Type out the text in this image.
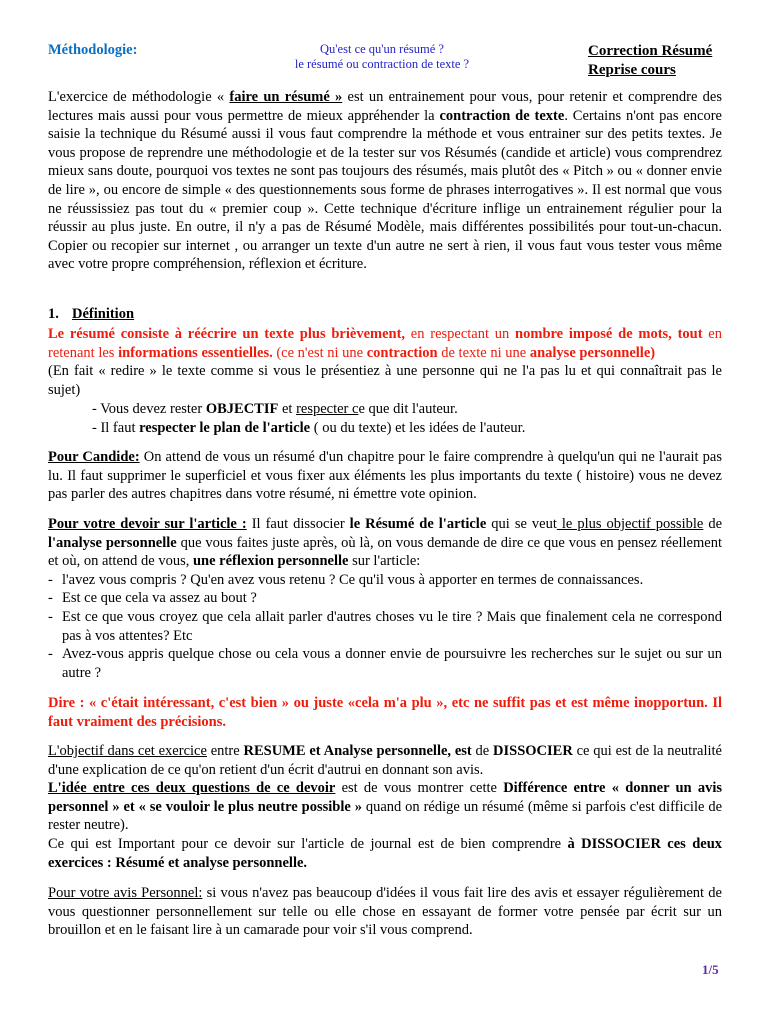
Méthodologie:	Qu'est ce qu'un résumé ?
le résumé ou contraction de texte ?
Correction Résumé
Reprise cours

L'exercice de méthodologie « faire un résumé » est un entrainement pour vous, pour retenir et comprendre des lectures mais aussi pour vous permettre de mieux appréhender la contraction de texte. Certains n'ont pas encore saisie la technique du Résumé aussi il vous faut comprendre la méthode et vous entrainer sur des petits textes. Je vous propose de reprendre une méthodologie et de la tester sur vos Résumés (candide et article) vous comprendrez mieux sans doute, pourquoi vos textes ne sont pas toujours des résumés, mais plutôt des « Pitch » ou « donner envie de lire », ou encore de simple « des questionnements sous forme de phrases interrogatives ». Il est normal que vous ne réussissiez pas tout du « premier coup ». Cette technique d'écriture inflige un entrainement régulier pour la réussir au plus juste. En outre, il n'y a pas de Résumé Modèle, mais différentes possibilités pour tout-un-chacun. Copier ou recopier sur internet , ou arranger un texte d'un autre ne sert à rien, il vous faut vous tester vous même avec votre propre compréhension, réflexion et écriture.

1. Définition

Le résumé consiste à réécrire un texte plus brièvement, en respectant un nombre imposé de mots, tout en retenant les informations essentielles. (ce n'est ni une contraction de texte ni une analyse personnelle)

(En fait « redire » le texte comme si vous le présentiez à une personne qui ne l'a pas lu et qui connaîtrait pas le sujet)

- Vous devez rester OBJECTIF et respecter ce que dit l'auteur.
- Il faut respecter le plan de l'article ( ou du texte) et les idées de l'auteur.

Pour Candide: On attend de vous un résumé d'un chapitre pour le faire comprendre à quelqu'un qui ne l'aurait pas lu. Il faut supprimer le superficiel et vous fixer aux éléments les plus importants du texte ( histoire) vous ne devez pas parler des autres chapitres dans votre résumé, ni émettre vote opinion.

Pour votre devoir sur l'article : Il faut dissocier le Résumé de l'article qui se veut le plus objectif possible de l'analyse personnelle que vous faites juste après, où là, on vous demande de dire ce que vous en pensez réellement et où, on attend de vous, une réflexion personnelle sur l'article:
- l'avez vous compris ? Qu'en avez vous retenu ? Ce qu'il vous à apporter en termes de connaissances.
- Est ce que cela va assez au bout ?
- Est ce que vous croyez que cela allait parler d'autres choses vu le tire ? Mais que finalement cela ne correspond pas à vos attentes? Etc
- Avez-vous appris quelque chose ou cela vous a donner envie de poursuivre les recherches sur le sujet ou sur un autre ?

Dire : « c'était intéressant, c'est bien » ou juste «cela m'a plu », etc ne suffit pas et est même inopportun. Il faut vraiment des précisions.

L'objectif dans cet exercice entre RESUME et Analyse personnelle, est de DISSOCIER ce qui est de la neutralité d'une explication de ce qu'on retient d'un écrit d'autrui en donnant son avis.
L'idée entre ces deux questions de ce devoir est de vous montrer cette Différence entre « donner un avis personnel » et « se vouloir le plus neutre possible » quand on rédige un résumé (même si parfois c'est difficile de rester neutre).
Ce qui est Important pour ce devoir sur l'article de journal est de bien comprendre à DISSOCIER ces deux exercices : Résumé et analyse personnelle.

Pour votre avis Personnel: si vous n'avez pas beaucoup d'idées il vous fait lire des avis et essayer régulièrement de vous questionner personnellement sur telle ou elle chose en essayant de former votre pensée par écrit sur un brouillon et en le faisant lire à un camarade pour voir s'il vous comprend.

1/5
